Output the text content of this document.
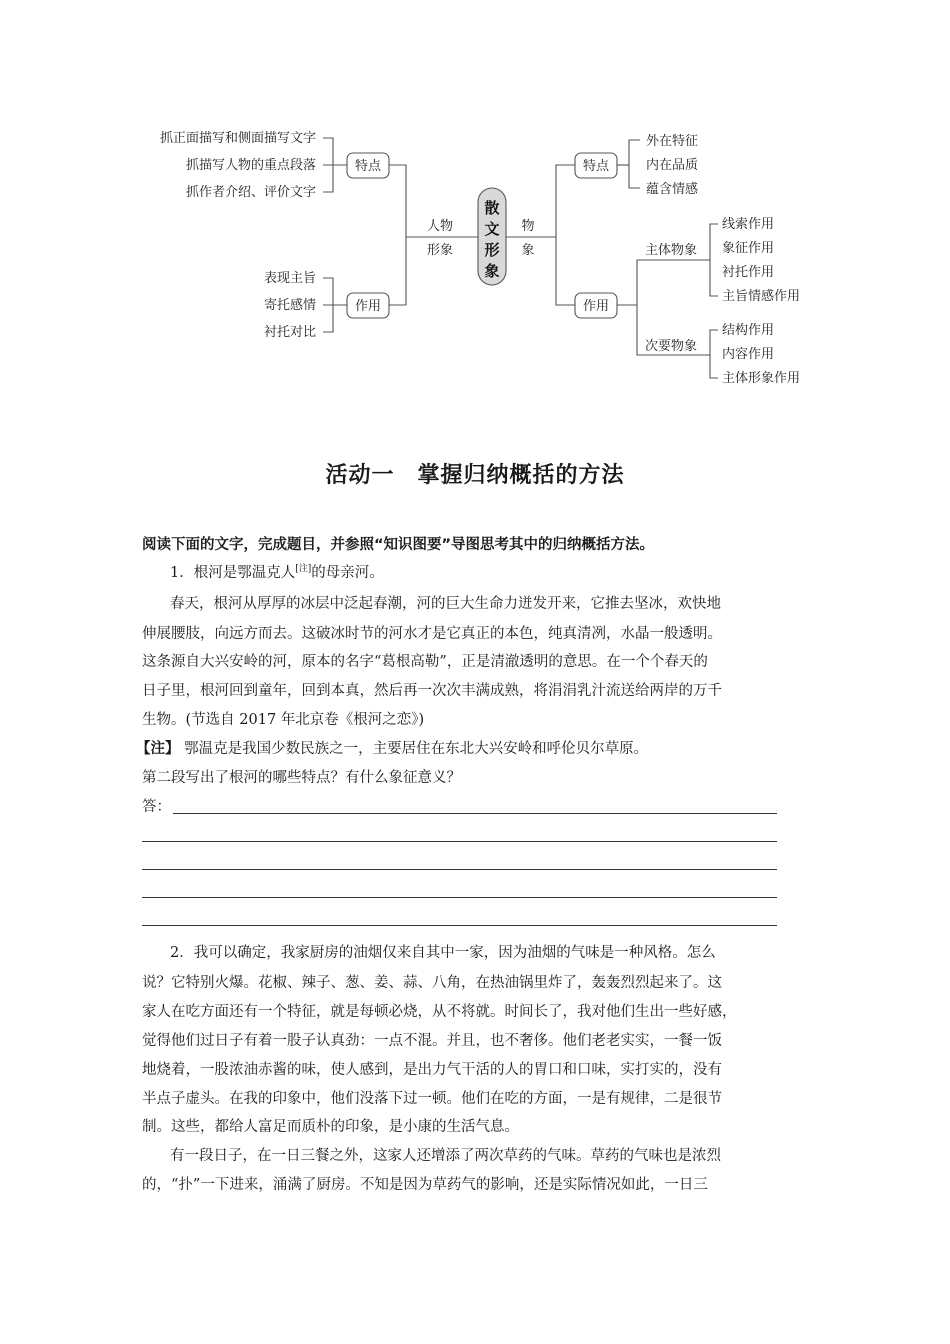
抓正面描写和侧面描写文字
抓描写人物的重点段落
抓作者介绍、评价文字
表现主旨
寄托感情
衬托对比
特点
作用
人物
形象
散
文
形
象
物
象
特点
作用
外在特征
内在品质
蕴含情感
主体物象
次要物象
线索作用
象征作用
衬托作用
主旨情感作用
结构作用
内容作用
主体形象作用
活动一　掌握归纳概括的方法
阅读下面的文字，完成题目，并参照“知识图要”导图思考其中的归纳概括方法。
1．根河是鄂温克人[注]的母亲河。
春天，根河从厚厚的冰层中泛起春潮，河的巨大生命力迸发开来，它推去坚冰，欢快地
伸展腰肢，向远方而去。这破冰时节的河水才是它真正的本色，纯真清冽，水晶一般透明。
这条源自大兴安岭的河，原本的名字“葛根高勒”，正是清澈透明的意思。在一个个春天的
日子里，根河回到童年，回到本真，然后再一次次丰满成熟，将涓涓乳汁流送给两岸的万千
生物。(节选自 2017 年北京卷《根河之恋》)
【注】 鄂温克是我国少数民族之一，主要居住在东北大兴安岭和呼伦贝尔草原。
第二段写出了根河的哪些特点？有什么象征意义？
答：
2．我可以确定，我家厨房的油烟仅来自其中一家，因为油烟的气味是一种风格。怎么
说？它特别火爆。花椒、辣子、葱、姜、蒜、八角，在热油锅里炸了，轰轰烈烈起来了。这
家人在吃方面还有一个特征，就是每顿必烧，从不将就。时间长了，我对他们生出一些好感，
觉得他们过日子有着一股子认真劲：一点不混。并且，也不奢侈。他们老老实实，一餐一饭
地烧着，一股浓油赤酱的味，使人感到，是出力气干活的人的胃口和口味，实打实的，没有
半点子虚头。在我的印象中，他们没落下过一顿。他们在吃的方面，一是有规律，二是很节
制。这些，都给人富足而质朴的印象，是小康的生活气息。
有一段日子，在一日三餐之外，这家人还增添了两次草药的气味。草药的气味也是浓烈
的，“扑”一下进来，涌满了厨房。不知是因为草药气的影响，还是实际情况如此，一日三
